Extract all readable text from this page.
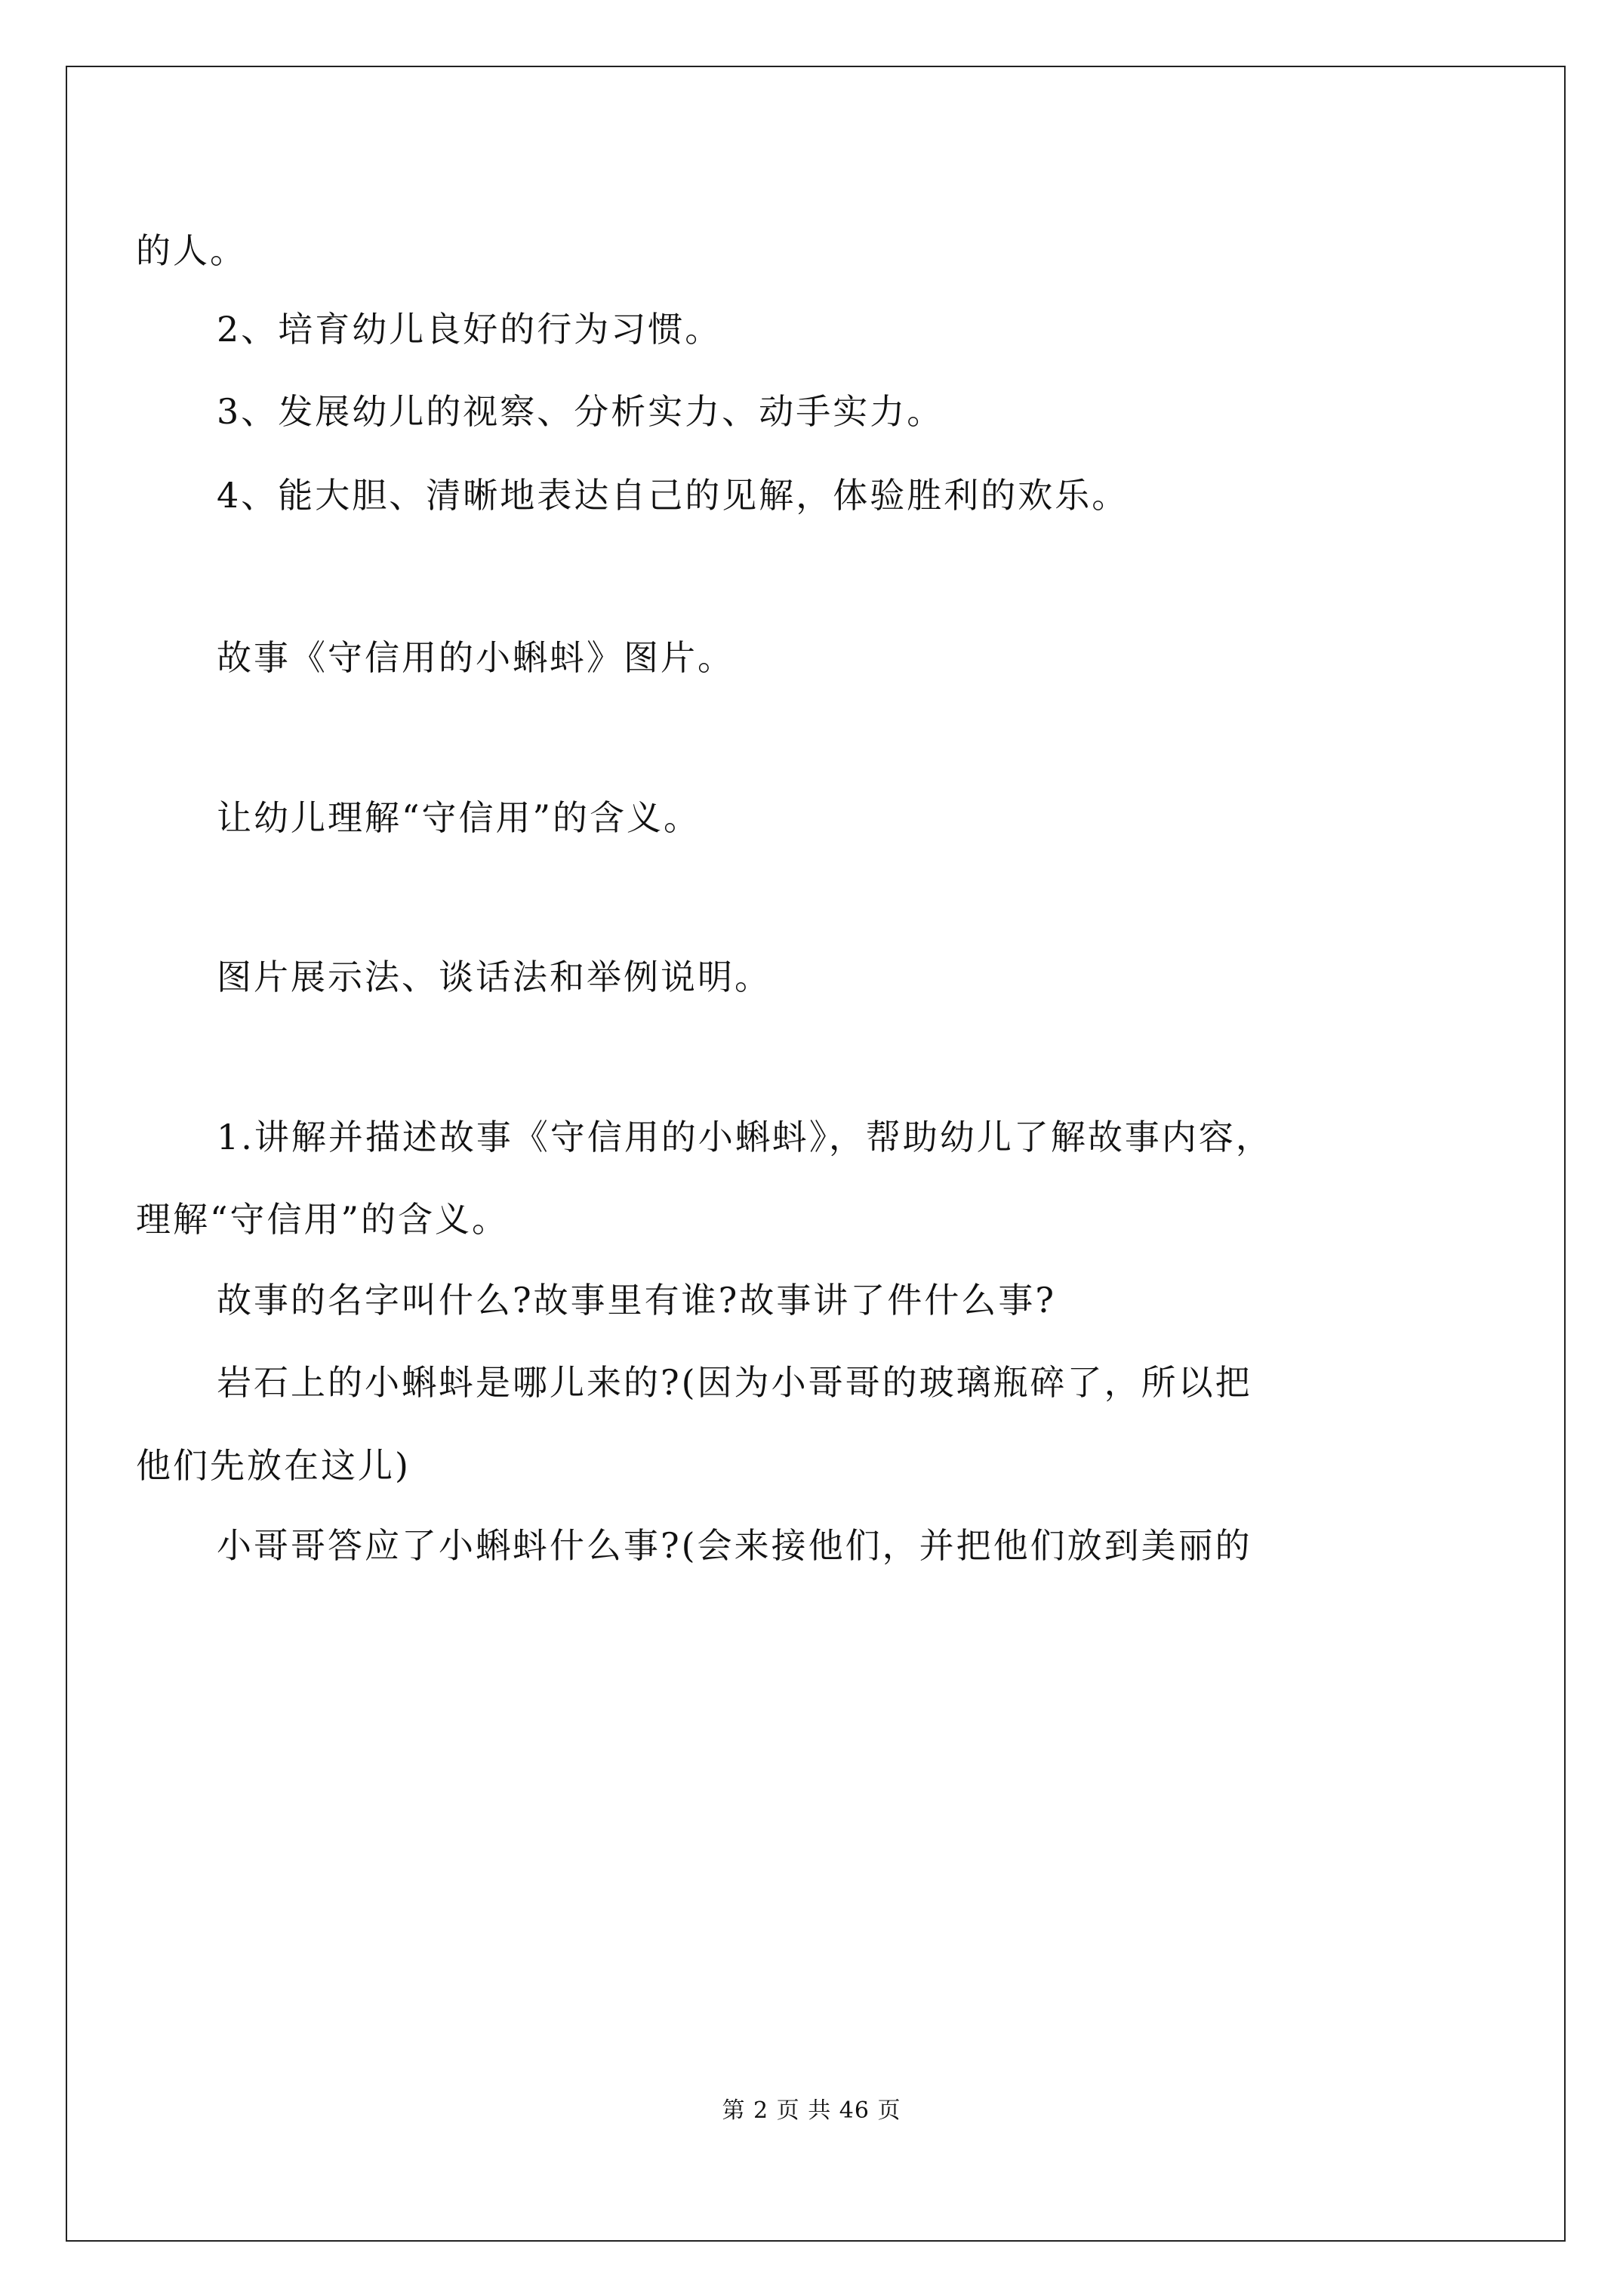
的人。
2、培育幼儿良好的行为习惯。
3、发展幼儿的视察、分析实力、动手实力。
4、能大胆、清晰地表达自己的见解，体验胜利的欢乐。
故事《守信用的小蝌蚪》图片。
让幼儿理解“守信用”的含义。
图片展示法、谈话法和举例说明。
1.讲解并描述故事《守信用的小蝌蚪》，帮助幼儿了解故事内容，
理解“守信用”的含义。
故事的名字叫什么?故事里有谁?故事讲了件什么事?
岩石上的小蝌蚪是哪儿来的?(因为小哥哥的玻璃瓶碎了，所以把
他们先放在这儿)
小哥哥答应了小蝌蚪什么事?(会来接他们，并把他们放到美丽的
第 2 页 共 46 页
